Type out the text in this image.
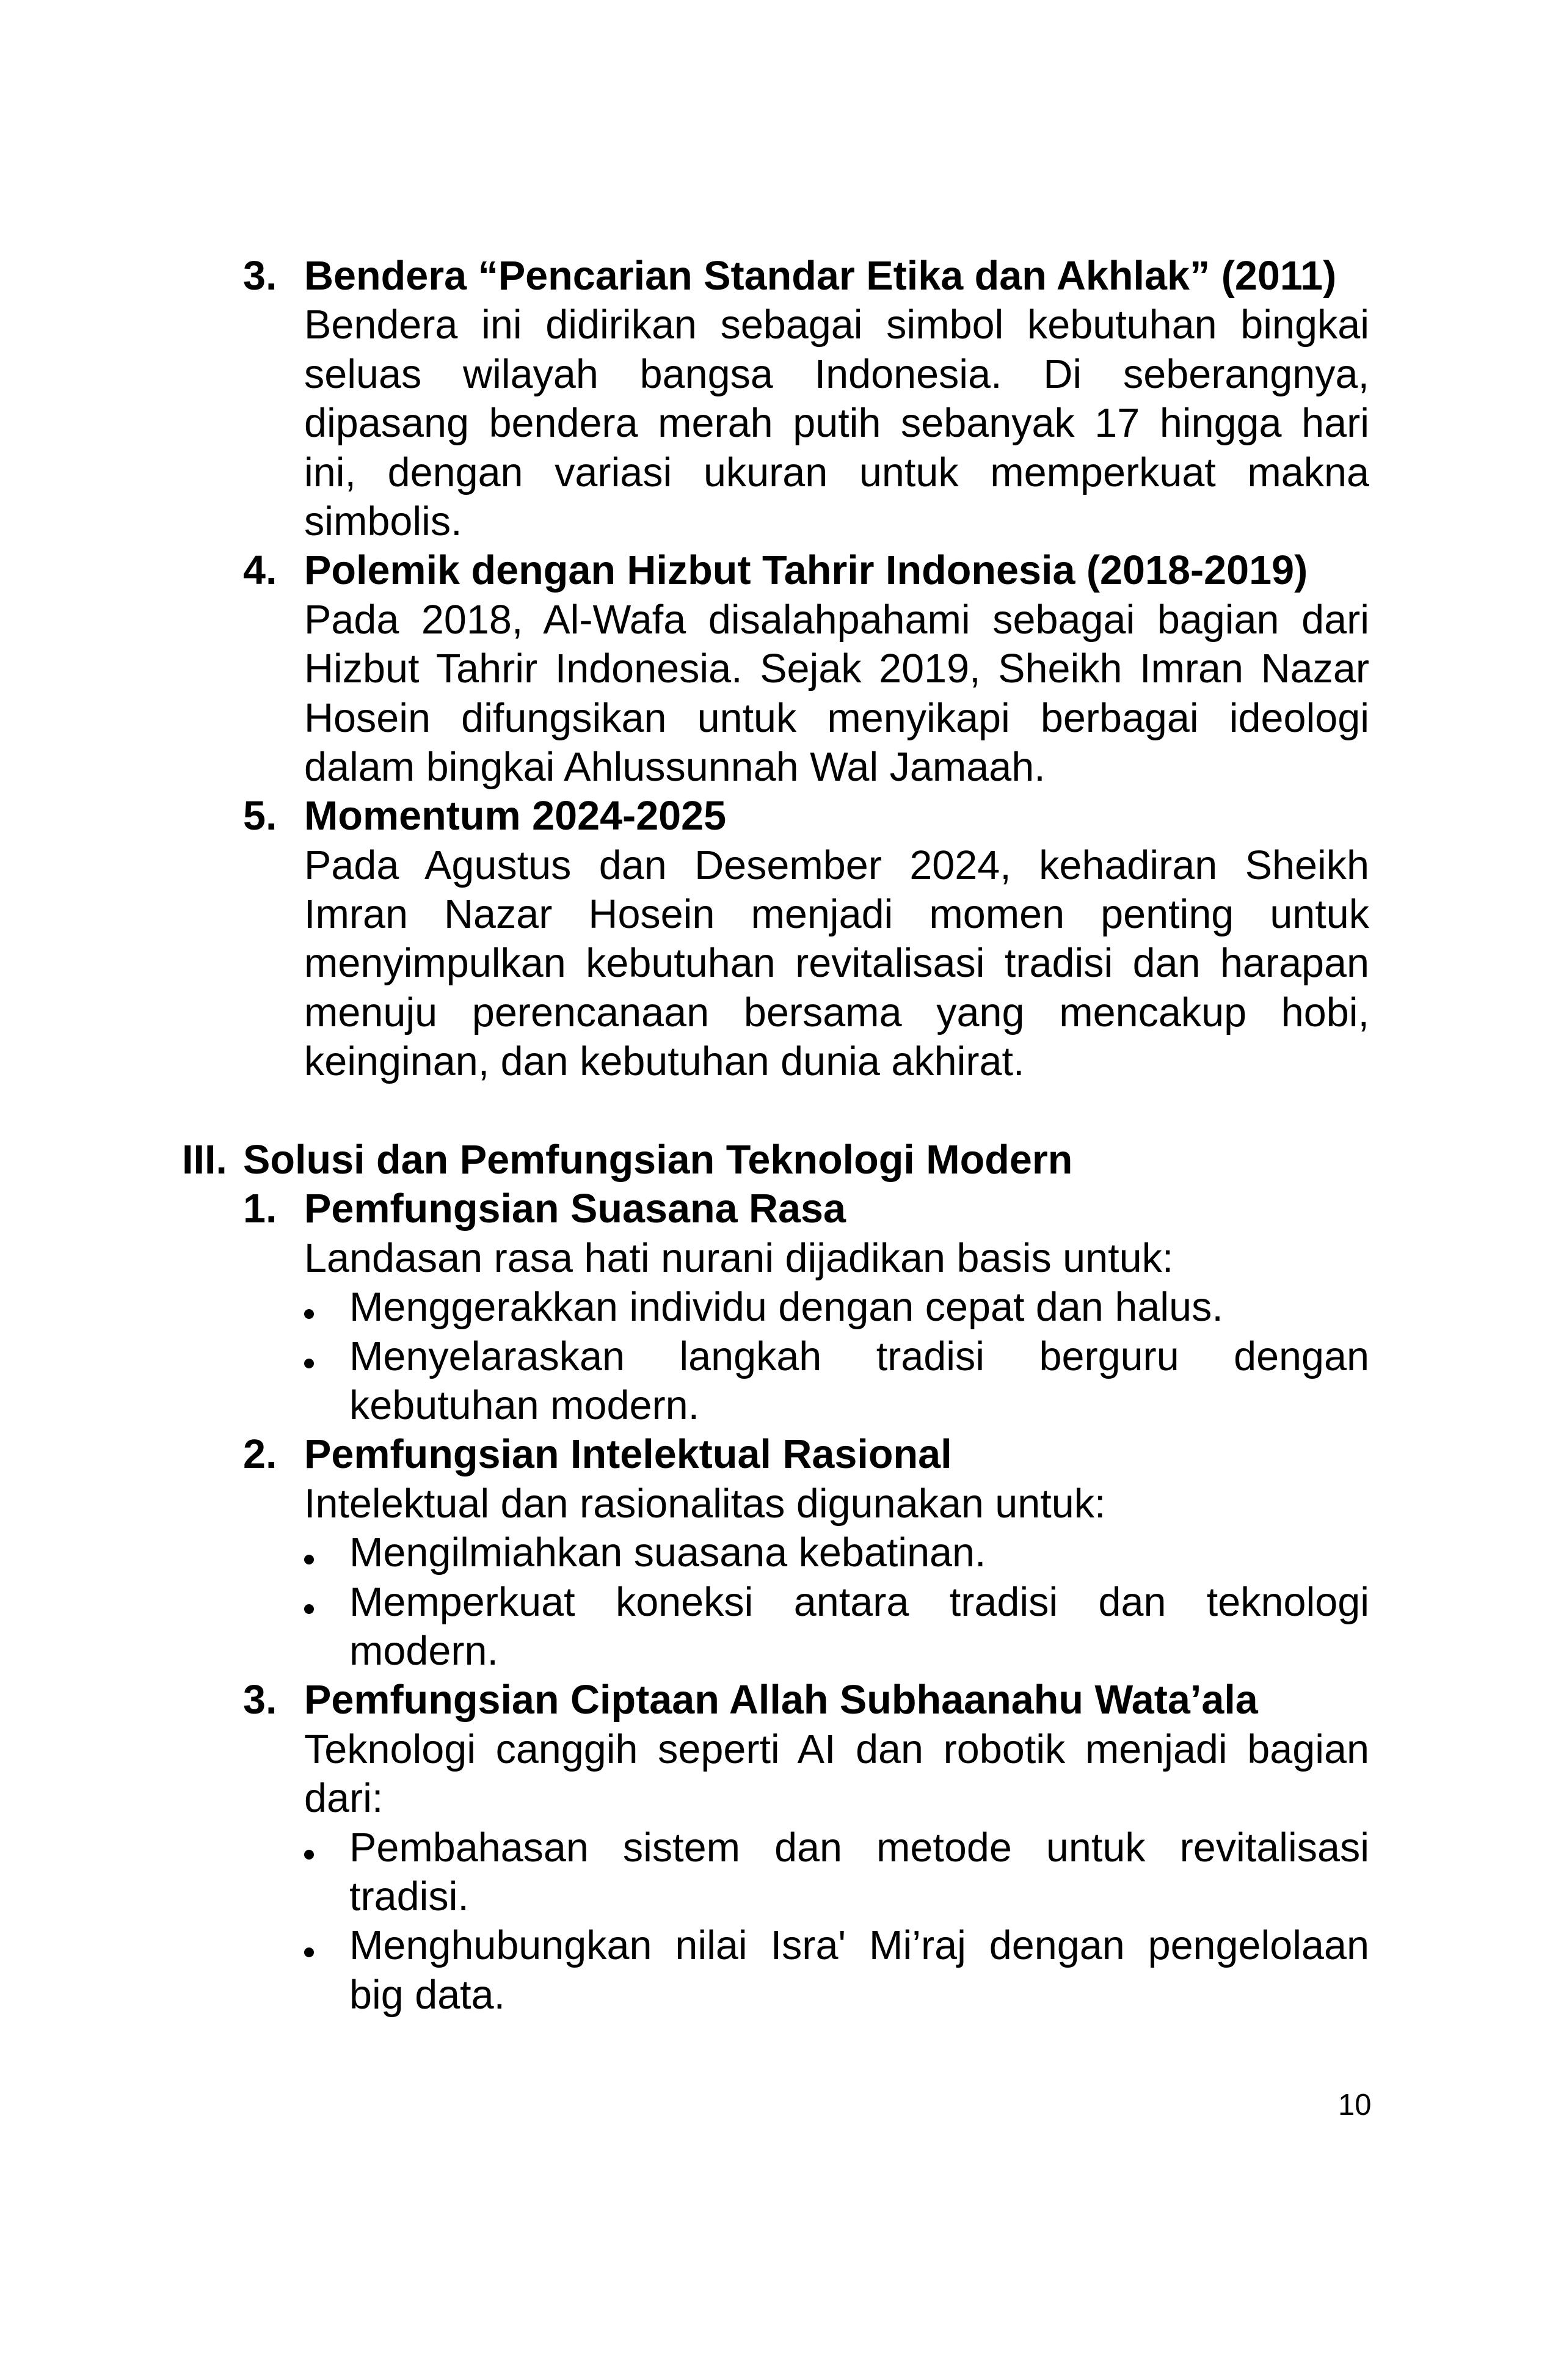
3. Bendera “Pencarian Standar Etika dan Akhlak” (2011)
Bendera ini didirikan sebagai simbol kebutuhan bingkai
seluas wilayah bangsa Indonesia. Di seberangnya,
dipasang bendera merah putih sebanyak 17 hingga hari
ini, dengan variasi ukuran untuk memperkuat makna
simbolis.
4. Polemik dengan Hizbut Tahrir Indonesia (2018-2019)
Pada 2018, Al-Wafa disalahpahami sebagai bagian dari
Hizbut Tahrir Indonesia. Sejak 2019, Sheikh Imran Nazar
Hosein difungsikan untuk menyikapi berbagai ideologi
dalam bingkai Ahlussunnah Wal Jamaah.
5. Momentum 2024-2025
Pada Agustus dan Desember 2024, kehadiran Sheikh
Imran Nazar Hosein menjadi momen penting untuk
menyimpulkan kebutuhan revitalisasi tradisi dan harapan
menuju perencanaan bersama yang mencakup hobi,
keinginan, dan kebutuhan dunia akhirat.
III. Solusi dan Pemfungsian Teknologi Modern
1. Pemfungsian Suasana Rasa
Landasan rasa hati nurani dijadikan basis untuk:
Menggerakkan individu dengan cepat dan halus.
Menyelaraskan langkah tradisi berguru dengan
kebutuhan modern.
2. Pemfungsian Intelektual Rasional
Intelektual dan rasionalitas digunakan untuk:
Mengilmiahkan suasana kebatinan.
Memperkuat koneksi antara tradisi dan teknologi
modern.
3. Pemfungsian Ciptaan Allah Subhaanahu Wata’ala
Teknologi canggih seperti AI dan robotik menjadi bagian
dari:
Pembahasan sistem dan metode untuk revitalisasi
tradisi.
Menghubungkan nilai Isra' Mi’raj dengan pengelolaan
big data.
10
